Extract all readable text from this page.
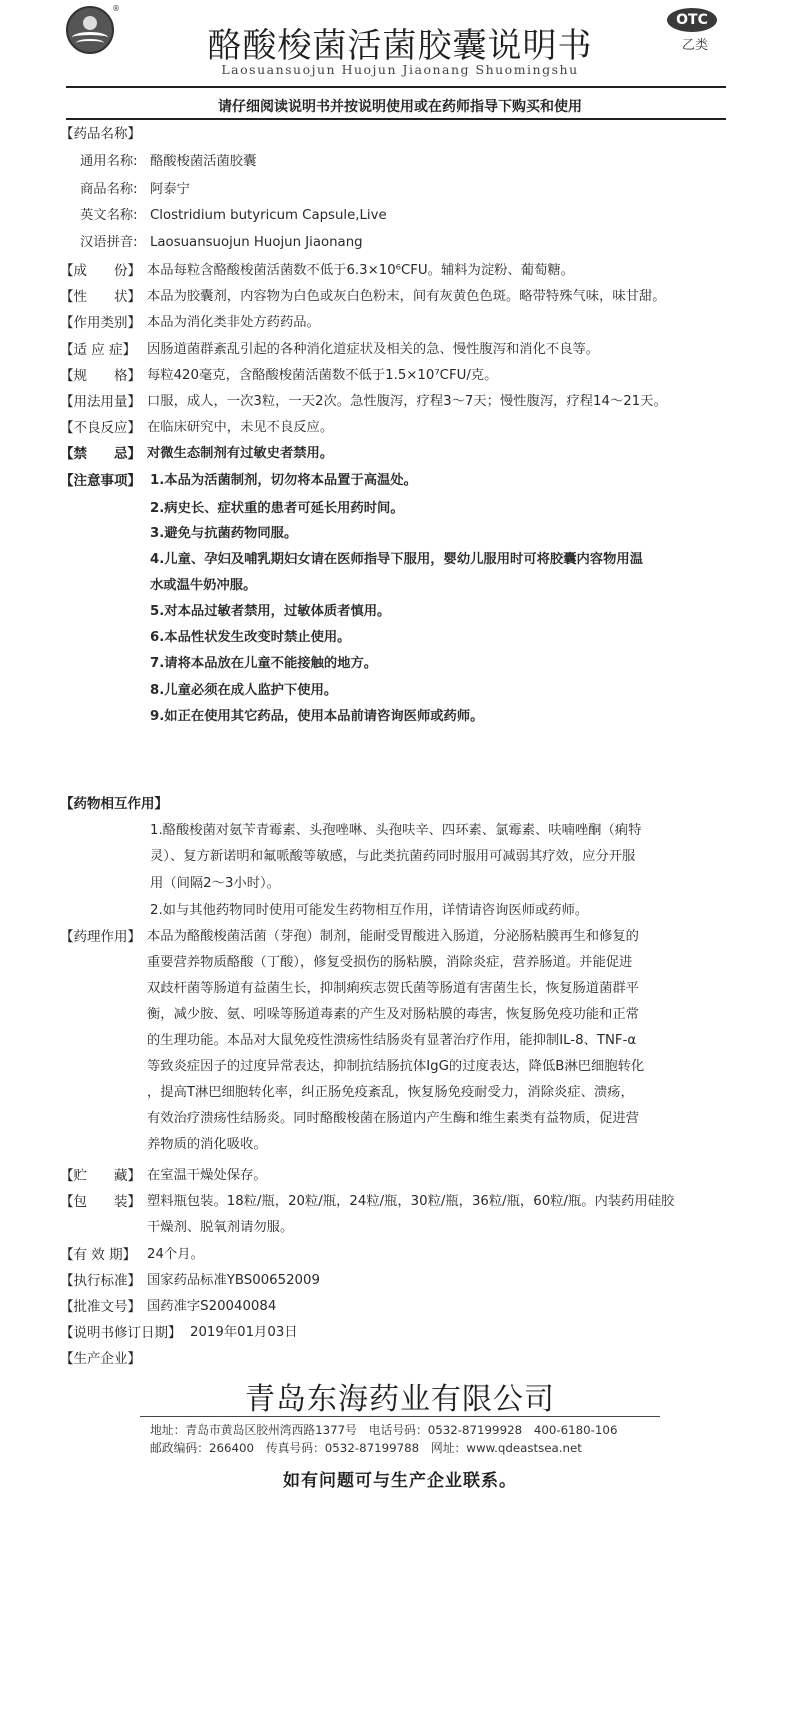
®
酪酸梭菌活菌胶囊说明书
Laosuansuojun Huojun Jiaonang Shuomingshu
OTC
乙类
请仔细阅读说明书并按说明使用或在药师指导下购买和使用
【药品名称】
通用名称: 酪酸梭菌活菌胶囊
商品名称: 阿泰宁
英文名称: Clostridium butyricum Capsule,Live
汉语拼音: Laosuansuojun Huojun Jiaonang
【成　　份】 本品每粒含酪酸梭菌活菌数不低于6.3×10⁶CFU。辅料为淀粉、葡萄糖。
【性　　状】 本品为胶囊剂，内容物为白色或灰白色粉末，间有灰黄色色斑。略带特殊气味，味甘甜。
【作用类别】 本品为消化类非处方药药品。
【适 应 症】 因肠道菌群紊乱引起的各种消化道症状及相关的急、慢性腹泻和消化不良等。
【规　　格】 每粒420毫克，含酪酸梭菌活菌数不低于1.5×10⁷CFU/克。
【用法用量】 口服，成人，一次3粒，一天2次。急性腹泻，疗程3～7天；慢性腹泻，疗程14～21天。
【不良反应】 在临床研究中，未见不良反应。
【禁　　忌】 对微生态制剂有过敏史者禁用。
【注意事项】 1.本品为活菌制剂，切勿将本品置于高温处。
2.病史长、症状重的患者可延长用药时间。
3.避免与抗菌药物同服。
4.儿童、孕妇及哺乳期妇女请在医师指导下服用，婴幼儿服用时可将胶囊内容物用温
水或温牛奶冲服。
5.对本品过敏者禁用，过敏体质者慎用。
6.本品性状发生改变时禁止使用。
7.请将本品放在儿童不能接触的地方。
8.儿童必须在成人监护下使用。
9.如正在使用其它药品，使用本品前请咨询医师或药师。
【药物相互作用】
1.酪酸梭菌对氨苄青霉素、头孢唑啉、头孢呋辛、四环素、氯霉素、呋喃唑酮（痢特
灵）、复方新诺明和氟哌酸等敏感，与此类抗菌药同时服用可减弱其疗效，应分开服
用（间隔2～3小时）。
2.如与其他药物同时使用可能发生药物相互作用，详情请咨询医师或药师。
【药理作用】 本品为酪酸梭菌活菌（芽孢）制剂，能耐受胃酸进入肠道，分泌肠粘膜再生和修复的
重要营养物质酪酸（丁酸），修复受损伤的肠粘膜，消除炎症，营养肠道。并能促进
双歧杆菌等肠道有益菌生长，抑制痢疾志贺氏菌等肠道有害菌生长，恢复肠道菌群平
衡，减少胺、氨、吲哚等肠道毒素的产生及对肠粘膜的毒害，恢复肠免疫功能和正常
的生理功能。本品对大鼠免疫性溃疡性结肠炎有显著治疗作用，能抑制IL-8、TNF-α
等致炎症因子的过度异常表达，抑制抗结肠抗体IgG的过度表达，降低B淋巴细胞转化
，提高T淋巴细胞转化率，纠正肠免疫紊乱，恢复肠免疫耐受力，消除炎症、溃疡，
有效治疗溃疡性结肠炎。同时酪酸梭菌在肠道内产生酶和维生素类有益物质，促进营
养物质的消化吸收。
【贮　　藏】 在室温干燥处保存。
【包　　装】 塑料瓶包装。18粒/瓶，20粒/瓶，24粒/瓶，30粒/瓶，36粒/瓶，60粒/瓶。内装药用硅胶
干燥剂、脱氧剂请勿服。
【有 效 期】 24个月。
【执行标准】 国家药品标准YBS00652009
【批准文号】 国药准字S20040084
【说明书修订日期】 2019年01月03日
【生产企业】
青岛东海药业有限公司
地址：青岛市黄岛区胶州湾西路1377号　电话号码：0532-87199928　400-6180-106
邮政编码：266400　传真号码：0532-87199788　网址：www.qdeastsea.net
如有问题可与生产企业联系。
